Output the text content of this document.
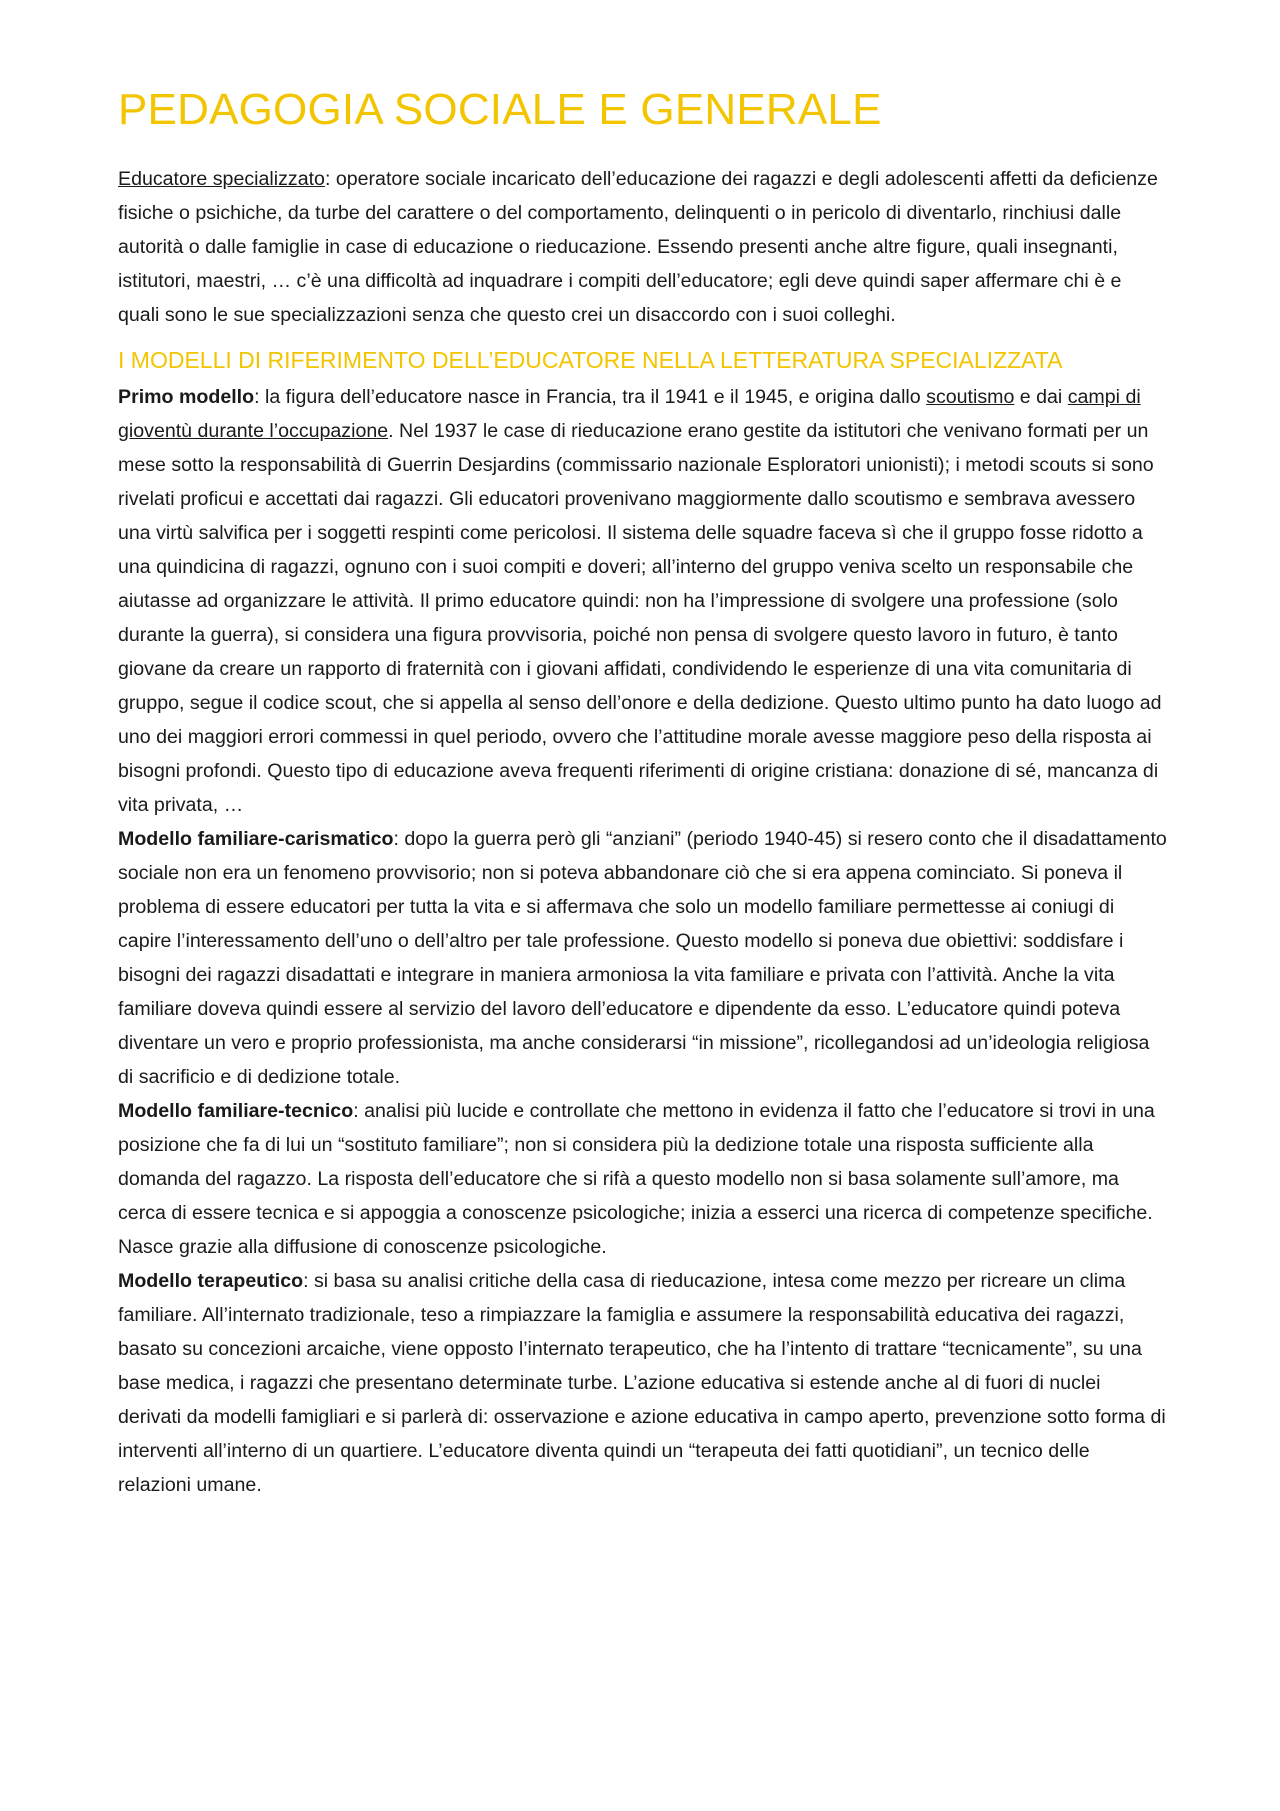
PEDAGOGIA SOCIALE E GENERALE

Educatore specializzato: operatore sociale incaricato dell’educazione dei ragazzi e degli adolescenti affetti da deficienze fisiche o psichiche, da turbe del carattere o del comportamento, delinquenti o in pericolo di diventarlo, rinchiusi dalle autorità o dalle famiglie in case di educazione o rieducazione. Essendo presenti anche altre figure, quali insegnanti, istitutori, maestri, … c’è una difficoltà ad inquadrare i compiti dell’educatore; egli deve quindi saper affermare chi è e quali sono le sue specializzazioni senza che questo crei un disaccordo con i suoi colleghi.

I MODELLI DI RIFERIMENTO DELL’EDUCATORE NELLA LETTERATURA SPECIALIZZATA

Primo modello: la figura dell’educatore nasce in Francia, tra il 1941 e il 1945, e origina dallo scoutismo e dai campi di gioventù durante l’occupazione. Nel 1937 le case di rieducazione erano gestite da istitutori che venivano formati per un mese sotto la responsabilità di Guerrin Desjardins (commissario nazionale Esploratori unionisti); i metodi scouts si sono rivelati proficui e accettati dai ragazzi. Gli educatori provenivano maggiormente dallo scoutismo e sembrava avessero una virtù salvifica per i soggetti respinti come pericolosi. Il sistema delle squadre faceva sì che il gruppo fosse ridotto a una quindicina di ragazzi, ognuno con i suoi compiti e doveri; all’interno del gruppo veniva scelto un responsabile che aiutasse ad organizzare le attività. Il primo educatore quindi: non ha l’impressione di svolgere una professione (solo durante la guerra), si considera una figura provvisoria, poiché non pensa di svolgere questo lavoro in futuro, è tanto giovane da creare un rapporto di fraternità con i giovani affidati, condividendo le esperienze di una vita comunitaria di gruppo, segue il codice scout, che si appella al senso dell’onore e della dedizione. Questo ultimo punto ha dato luogo ad uno dei maggiori errori commessi in quel periodo, ovvero che l’attitudine morale avesse maggiore peso della risposta ai bisogni profondi. Questo tipo di educazione aveva frequenti riferimenti di origine cristiana: donazione di sé, mancanza di vita privata, …

Modello familiare-carismatico: dopo la guerra però gli “anziani” (periodo 1940-45) si resero conto che il disadattamento sociale non era un fenomeno provvisorio; non si poteva abbandonare ciò che si era appena cominciato. Si poneva il problema di essere educatori per tutta la vita e si affermava che solo un modello familiare permettesse ai coniugi di capire l’interessamento dell’uno o dell’altro per tale professione. Questo modello si poneva due obiettivi: soddisfare i bisogni dei ragazzi disadattati e integrare in maniera armoniosa la vita familiare e privata con l’attività. Anche la vita familiare doveva quindi essere al servizio del lavoro dell’educatore e dipendente da esso. L’educatore quindi poteva diventare un vero e proprio professionista, ma anche considerarsi “in missione”, ricollegandosi ad un’ideologia religiosa di sacrificio e di dedizione totale.

Modello familiare-tecnico: analisi più lucide e controllate che mettono in evidenza il fatto che l’educatore si trovi in una posizione che fa di lui un “sostituto familiare”; non si considera più la dedizione totale una risposta sufficiente alla domanda del ragazzo. La risposta dell’educatore che si rifà a questo modello non si basa solamente sull’amore, ma cerca di essere tecnica e si appoggia a conoscenze psicologiche; inizia a esserci una ricerca di competenze specifiche. Nasce grazie alla diffusione di conoscenze psicologiche.

Modello terapeutico: si basa su analisi critiche della casa di rieducazione, intesa come mezzo per ricreare un clima familiare. All’internato tradizionale, teso a rimpiazzare la famiglia e assumere la responsabilità educativa dei ragazzi, basato su concezioni arcaiche, viene opposto l’internato terapeutico, che ha l’intento di trattare “tecnicamente”, su una base medica, i ragazzi che presentano determinate turbe. L’azione educativa si estende anche al di fuori di nuclei derivati da modelli famigliari e si parlerà di: osservazione e azione educativa in campo aperto, prevenzione sotto forma di interventi all’interno di un quartiere. L’educatore diventa quindi un “terapeuta dei fatti quotidiani”, un tecnico delle relazioni umane.
